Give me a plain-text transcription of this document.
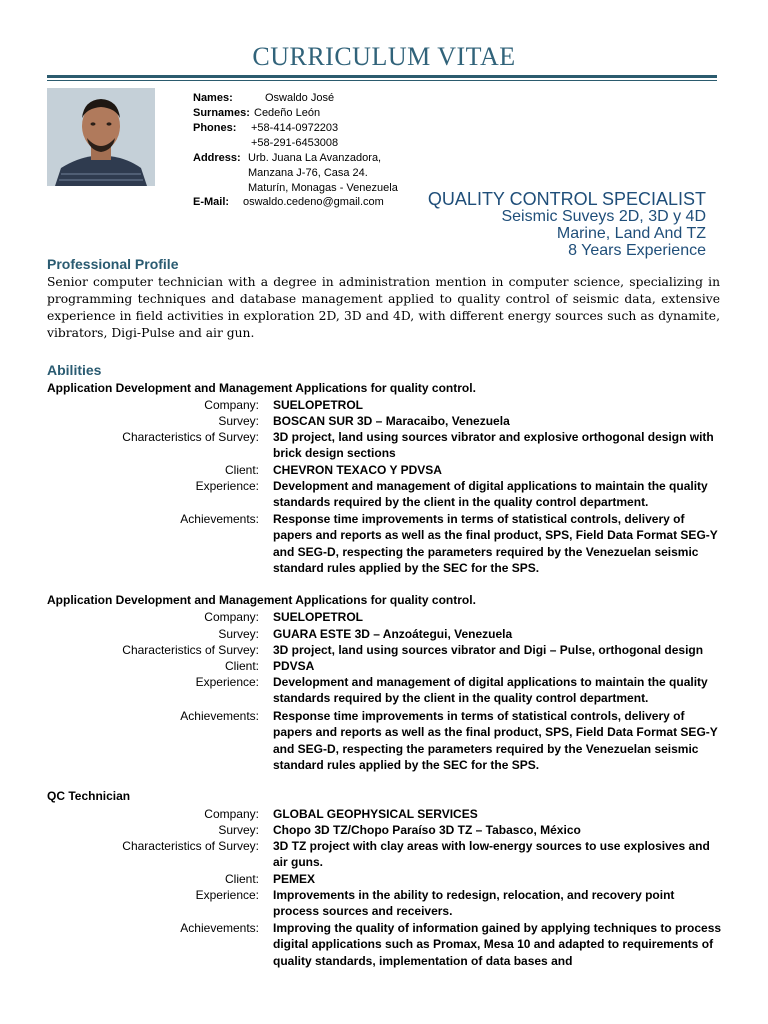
CURRICULUM VITAE
Names:	Oswaldo José
Surnames: Cedeño León
Phones: +58-414-0972203
+58-291-6453008
Address: Urb. Juana La Avanzadora,
Manzana J-76, Casa 24.
Maturín, Monagas - Venezuela
E-Mail: oswaldo.cedeno@gmail.com QUALITY CONTROL SPECIALIST
Seismic Suveys 2D, 3D y 4D
Marine, Land And TZ
8 Years Experience
Professional Profile
Senior computer technician with a degree in administration mention in computer science, specializing in programming techniques and database management applied to quality control of seismic data, extensive experience in field activities in exploration 2D, 3D and 4D, with different energy sources such as dynamite, vibrators, Digi-Pulse and air gun.
Abilities
Application Development and Management Applications for quality control.
Company: SUELOPETROL
Survey: BOSCAN SUR 3D – Maracaibo, Venezuela
Characteristics of Survey: 3D project, land using sources vibrator and explosive orthogonal design with brick design sections
Client: CHEVRON TEXACO Y PDVSA
Experience: Development and management of digital applications to maintain the quality standards required by the client in the quality control department.
Achievements: Response time improvements in terms of statistical controls, delivery of papers and reports as well as the final product, SPS, Field Data Format SEG-Y and SEG-D, respecting the parameters required by the Venezuelan seismic standard rules applied by the SEC for the SPS.
Application Development and Management Applications for quality control.
Company: SUELOPETROL
Survey: GUARA ESTE 3D – Anzoátegui, Venezuela
Characteristics of Survey: 3D project, land using sources vibrator and Digi – Pulse, orthogonal design
Client: PDVSA
Experience: Development and management of digital applications to maintain the quality standards required by the client in the quality control department.
Achievements: Response time improvements in terms of statistical controls, delivery of papers and reports as well as the final product, SPS, Field Data Format SEG-Y and SEG-D, respecting the parameters required by the Venezuelan seismic standard rules applied by the SEC for the SPS.
QC Technician
Company: GLOBAL GEOPHYSICAL SERVICES
Survey: Chopo 3D TZ/Chopo Paraíso 3D TZ – Tabasco, México
Characteristics of Survey: 3D TZ project with clay areas with low-energy sources to use explosives and air guns.
Client: PEMEX
Experience: Improvements in the ability to redesign, relocation, and recovery point process sources and receivers.
Achievements: Improving the quality of information gained by applying techniques to process digital applications such as Promax, Mesa 10 and adapted to requirements of quality standards, implementation of data bases and
